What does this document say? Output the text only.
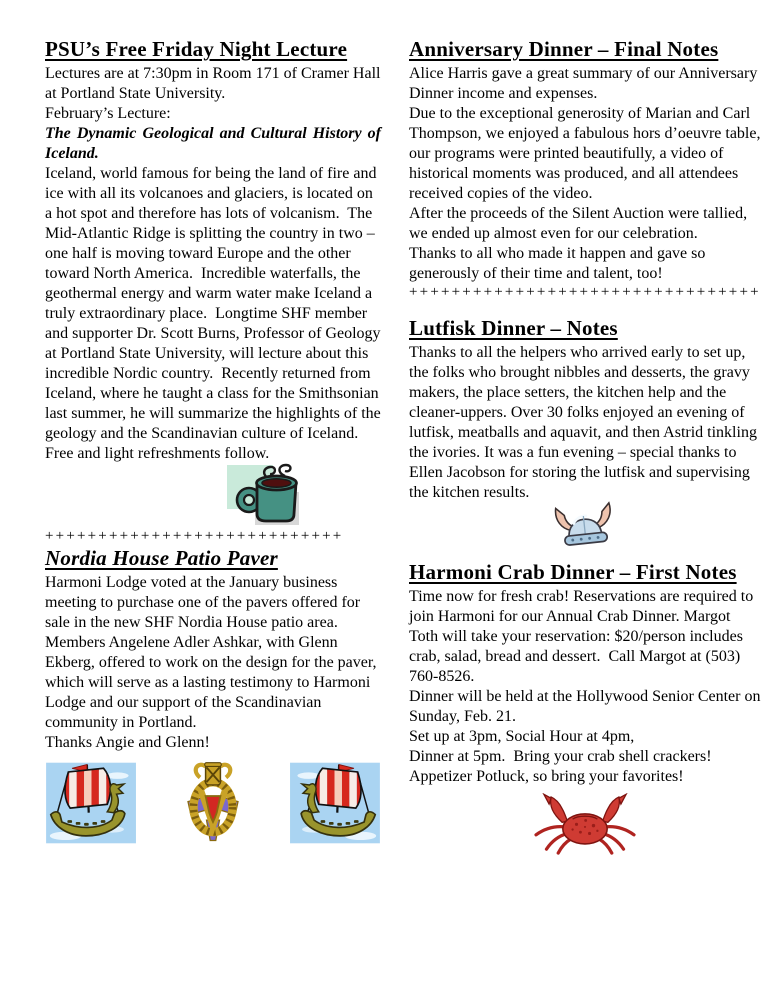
PSU’s Free Friday Night Lecture

Lectures are at 7:30pm in Room 171 of Cramer Hall at Portland State University.

February’s Lecture:

The Dynamic Geological and Cultural History of Iceland.

Iceland, world famous for being the land of fire and ice with all its volcanoes and glaciers, is located on a hot spot and therefore has lots of volcanism.  The Mid-Atlantic Ridge is splitting the country in two – one half is moving toward Europe and the other toward North America.  Incredible waterfalls, the geothermal energy and warm water make Iceland a truly extraordinary place.  Longtime SHF member and supporter Dr. Scott Burns, Professor of Geology at Portland State University, will lecture about this incredible Nordic country.  Recently returned from Iceland, where he taught a class for the Smithsonian last summer, he will summarize the highlights of the geology and the Scandinavian culture of Iceland.

Free and light refreshments follow.

++++++++++++++++++++++++++++
Nordia House Patio Paver

Harmoni Lodge voted at the January business meeting to purchase one of the pavers offered for sale in the new SHF Nordia House patio area. Members Angelene Adler Ashkar, with Glenn Ekberg, offered to work on the design for the paver, which will serve as a lasting testimony to Harmoni Lodge and our support of the Scandinavian community in Portland.

Thanks Angie and Glenn!

Anniversary Dinner – Final Notes

Alice Harris gave a great summary of our Anniversary Dinner income and expenses.

Due to the exceptional generosity of Marian and Carl Thompson, we enjoyed a fabulous hors d’oeuvre table, our programs were printed beautifully, a video of historical moments was produced, and all attendees received copies of the video.

After the proceeds of the Silent Auction were tallied, we ended up almost even for our celebration.

Thanks to all who made it happen and gave so generously of their time and talent, too!

+++++++++++++++++++++++++++++++++
Lutfisk Dinner – Notes

Thanks to all the helpers who arrived early to set up, the folks who brought nibbles and desserts, the gravy makers, the place setters, the kitchen help and the cleaner-uppers. Over 30 folks enjoyed an evening of lutfisk, meatballs and aquavit, and then Astrid tinkling the ivories. It was a fun evening – special thanks to Ellen Jacobson for storing the lutfisk and supervising the kitchen results.

Harmoni Crab Dinner – First Notes

Time now for fresh crab! Reservations are required to join Harmoni for our Annual Crab Dinner. Margot Toth will take your reservation: $20/person includes crab, salad, bread and dessert.  Call Margot at (503) 760-8526.

Dinner will be held at the Hollywood Senior Center on Sunday, Feb. 21.

Set up at 3pm, Social Hour at 4pm,

Dinner at 5pm.  Bring your crab shell crackers!

Appetizer Potluck, so bring your favorites!
